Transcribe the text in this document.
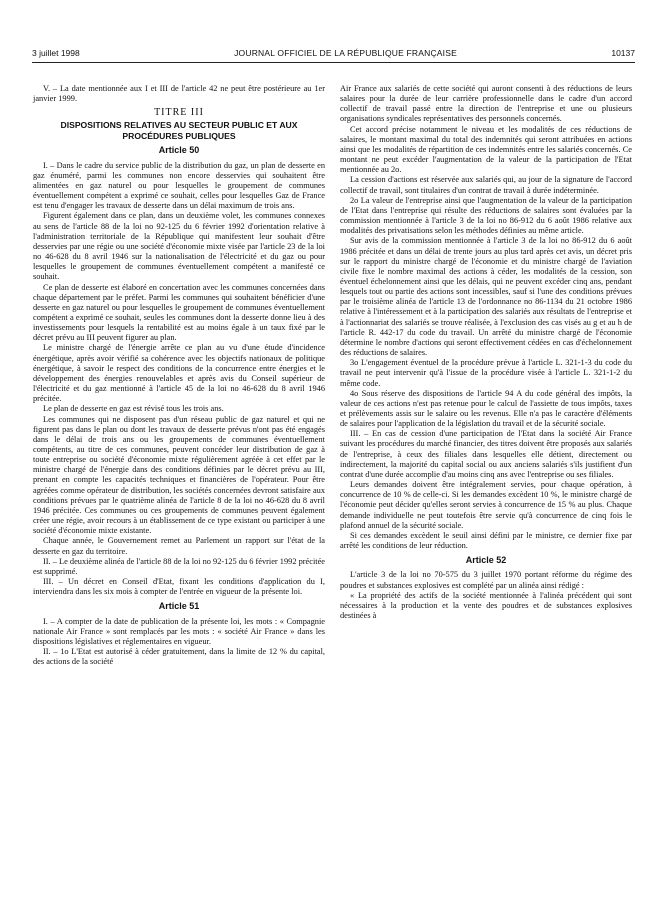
3 juillet 1998	JOURNAL OFFICIEL DE LA RÉPUBLIQUE FRANÇAISE	10137

V. – La date mentionnée aux I et III de l'article 42 ne peut être postérieure au 1er janvier 1999.

TITRE III
DISPOSITIONS RELATIVES AU SECTEUR PUBLIC ET AUX PROCÉDURES PUBLIQUES
Article 50

I. – Dans le cadre du service public de la distribution du gaz, un plan de desserte en gaz énuméré, parmi les communes non encore desservies qui souhaitent être alimentées en gaz naturel ou pour lesquelles le groupement de communes éventuellement compétent a exprimé ce souhait, celles pour lesquelles Gaz de France est tenu d'engager les travaux de desserte dans un délai maximum de trois ans.

Figurent également dans ce plan, dans un deuxième volet, les communes connexes au sens de l'article 88 de la loi no 92-125 du 6 février 1992 d'orientation relative à l'administration territoriale de la République qui manifestent leur souhait d'être desservies par une régie ou une société d'économie mixte visée par l'article 23 de la loi no 46-628 du 8 avril 1946 sur la nationalisation de l'électricité et du gaz ou pour lesquelles le groupement de communes éventuellement compétent a manifesté ce souhait.

Ce plan de desserte est élaboré en concertation avec les communes concernées dans chaque département par le préfet. Parmi les communes qui souhaitent bénéficier d'une desserte en gaz naturel ou pour lesquelles le groupement de communes éventuellement compétent a exprimé ce souhait, seules les communes dont la desserte donne lieu à des investissements pour lesquels la rentabilité est au moins égale à un taux fixé par le décret prévu au III peuvent figurer au plan.

Le ministre chargé de l'énergie arrête ce plan au vu d'une étude d'incidence énergétique, après avoir vérifié sa cohérence avec les objectifs nationaux de politique énergétique, à savoir le respect des conditions de la concurrence entre énergies et le développement des énergies renouvelables et après avis du Conseil supérieur de l'électricité et du gaz mentionné à l'article 45 de la loi no 46-628 du 8 avril 1946 précitée.

Le plan de desserte en gaz est révisé tous les trois ans.

Les communes qui ne disposent pas d'un réseau public de gaz naturel et qui ne figurent pas dans le plan ou dont les travaux de desserte prévus n'ont pas été engagés dans le délai de trois ans ou les groupements de communes éventuellement compétents, au titre de ces communes, peuvent concéder leur distribution de gaz à toute entreprise ou société d'économie mixte régulièrement agréée à cet effet par le ministre chargé de l'énergie dans des conditions définies par le décret prévu au III, prenant en compte les capacités techniques et financières de l'opérateur. Pour être agréées comme opérateur de distribution, les sociétés concernées devront satisfaire aux conditions prévues par le quatrième alinéa de l'article 8 de la loi no 46-628 du 8 avril 1946 précitée. Ces communes ou ces groupements de communes peuvent également créer une régie, avoir recours à un établissement de ce type existant ou participer à une société d'économie mixte existante.

Chaque année, le Gouvernement remet au Parlement un rapport sur l'état de la desserte en gaz du territoire.

II. – Le deuxième alinéa de l'article 88 de la loi no 92-125 du 6 février 1992 précitée est supprimé.

III. – Un décret en Conseil d'Etat, fixant les conditions d'application du I, interviendra dans les six mois à compter de l'entrée en vigueur de la présente loi.

Article 51

I. – A compter de la date de publication de la présente loi, les mots : « Compagnie nationale Air France » sont remplacés par les mots : « société Air France » dans les dispositions législatives et réglementaires en vigueur.

II. – 1o L'Etat est autorisé à céder gratuitement, dans la limite de 12 % du capital, des actions de la société

Air France aux salariés de cette société qui auront consenti à des réductions de leurs salaires pour la durée de leur carrière professionnelle dans le cadre d'un accord collectif de travail passé entre la direction de l'entreprise et une ou plusieurs organisations syndicales représentatives des personnels concernés.

Cet accord précise notamment le niveau et les modalités de ces réductions de salaires, le montant maximal du total des indemnités qui seront attribuées en actions ainsi que les modalités de répartition de ces indemnités entre les salariés concernés. Ce montant ne peut excéder l'augmentation de la valeur de la participation de l'Etat mentionnée au 2o.

La cession d'actions est réservée aux salariés qui, au jour de la signature de l'accord collectif de travail, sont titulaires d'un contrat de travail à durée indéterminée.

2o La valeur de l'entreprise ainsi que l'augmentation de la valeur de la participation de l'Etat dans l'entreprise qui résulte des réductions de salaires sont évaluées par la commission mentionnée à l'article 3 de la loi no 86-912 du 6 août 1986 relative aux modalités des privatisations selon les méthodes définies au même article.

Sur avis de la commission mentionnée à l'article 3 de la loi no 86-912 du 6 août 1986 précitée et dans un délai de trente jours au plus tard après cet avis, un décret pris sur le rapport du ministre chargé de l'économie et du ministre chargé de l'aviation civile fixe le nombre maximal des actions à céder, les modalités de la cession, son éventuel échelonnement ainsi que les délais, qui ne peuvent excéder cinq ans, pendant lesquels tout ou partie des actions sont incessibles, sauf si l'une des conditions prévues par le troisième alinéa de l'article 13 de l'ordonnance no 86-1134 du 21 octobre 1986 relative à l'intéressement et à la participation des salariés aux résultats de l'entreprise et à l'actionnariat des salariés se trouve réalisée, à l'exclusion des cas visés au g et au h de l'article R. 442-17 du code du travail. Un arrêté du ministre chargé de l'économie détermine le nombre d'actions qui seront effectivement cédées en cas d'échelonnement des réductions de salaires.

3o L'engagement éventuel de la procédure prévue à l'article L. 321-1-3 du code du travail ne peut intervenir qu'à l'issue de la procédure visée à l'article L. 321-1-2 du même code.

4o Sous réserve des dispositions de l'article 94 A du code général des impôts, la valeur de ces actions n'est pas retenue pour le calcul de l'assiette de tous impôts, taxes et prélèvements assis sur le salaire ou les revenus. Elle n'a pas le caractère d'éléments de salaires pour l'application de la législation du travail et de la sécurité sociale.

III. – En cas de cession d'une participation de l'Etat dans la société Air France suivant les procédures du marché financier, des titres doivent être proposés aux salariés de l'entreprise, à ceux des filiales dans lesquelles elle détient, directement ou indirectement, la majorité du capital social ou aux anciens salariés s'ils justifient d'un contrat d'une durée accomplie d'au moins cinq ans avec l'entreprise ou ses filiales.

Leurs demandes doivent être intégralement servies, pour chaque opération, à concurrence de 10 % de celle-ci. Si les demandes excèdent 10 %, le ministre chargé de l'économie peut décider qu'elles seront servies à concurrence de 15 % au plus. Chaque demande individuelle ne peut toutefois être servie qu'à concurrence de cinq fois le plafond annuel de la sécurité sociale.

Si ces demandes excèdent le seuil ainsi défini par le ministre, ce dernier fixe par arrêté les conditions de leur réduction.

Article 52

L'article 3 de la loi no 70-575 du 3 juillet 1970 portant réforme du régime des poudres et substances explosives est complété par un alinéa ainsi rédigé :

« La propriété des actifs de la société mentionnée à l'alinéa précédent qui sont nécessaires à la production et la vente des poudres et de substances explosives destinées à
